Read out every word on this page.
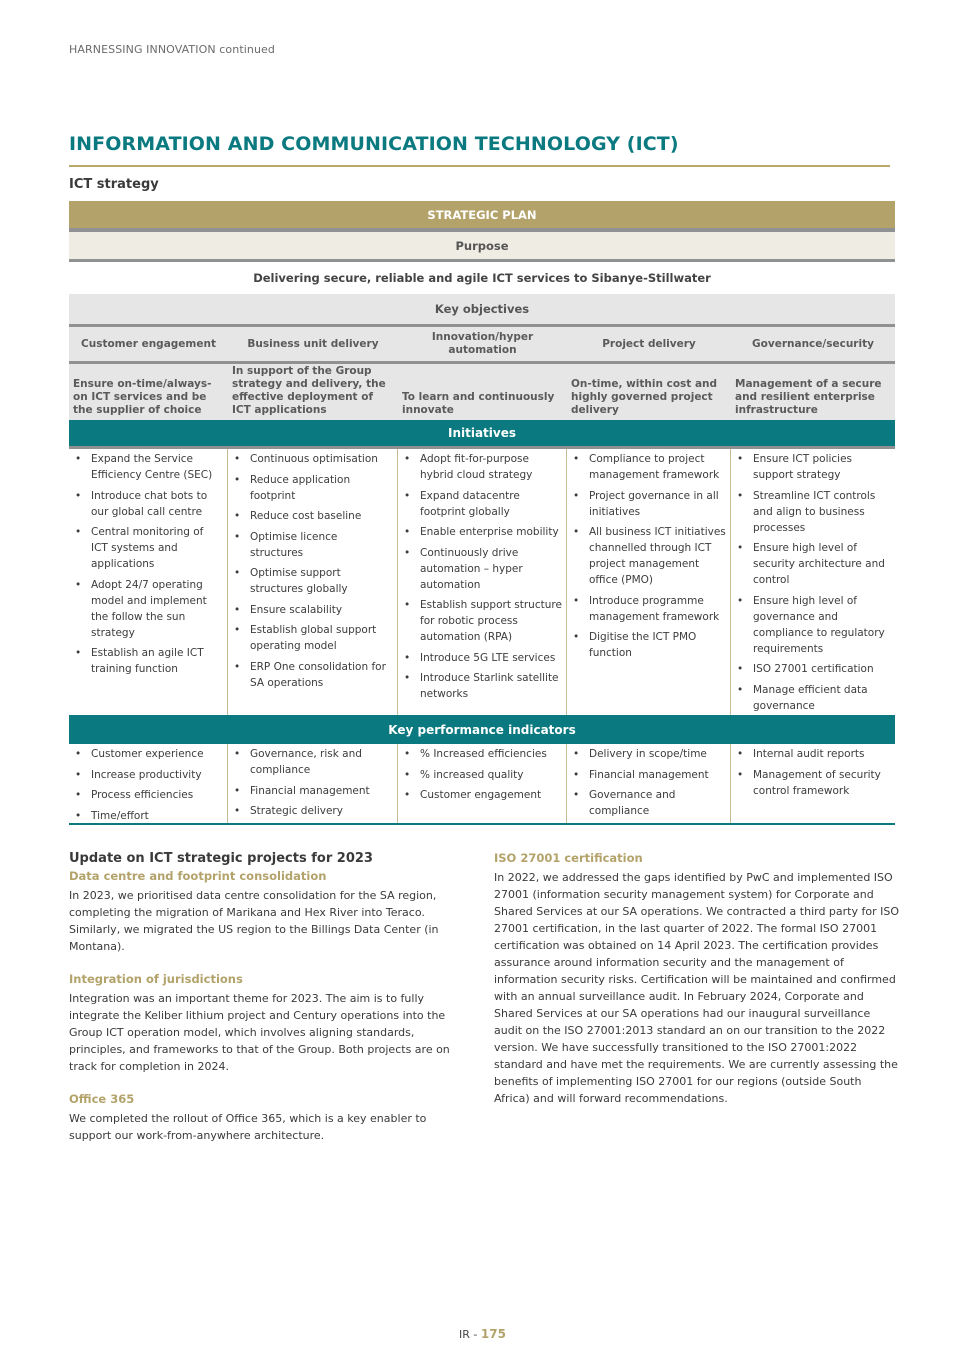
HARNESSING INNOVATION continued
INFORMATION AND COMMUNICATION TECHNOLOGY (ICT)
ICT strategy
STRATEGIC PLAN
Purpose
Delivering secure, reliable and agile ICT services to Sibanye-Stillwater
Key objectives
Customer engagement	Business unit delivery
Innovation/hyper automation
Project delivery	Governance/security
Ensure on-time/always-on ICT services and be the supplier of choice
In support of the Group strategy and delivery, the effective deployment of ICT applications
To learn and continuously innovate
On-time, within cost and highly governed project delivery
Management of a secure and resilient enterprise infrastructure
Initiatives
• Expand the Service Efficiency Centre (SEC)
• Introduce chat bots to our global call centre
• Central monitoring of ICT systems and applications
• Adopt 24/7 operating model and implement the follow the sun strategy
• Establish an agile ICT training function
• Continuous optimisation
• Reduce application footprint
• Reduce cost baseline
• Optimise licence structures
• Optimise support structures globally
• Ensure scalability
• Establish global support operating model
• ERP One consolidation for SA operations
• Adopt fit-for-purpose hybrid cloud strategy
• Expand datacentre footprint globally
• Enable enterprise mobility
• Continuously drive automation – hyper automation
• Establish support structure for robotic process automation (RPA)
• Introduce 5G LTE services
• Introduce Starlink satellite networks
• Compliance to project management framework
• Project governance in all initiatives
• All business ICT initiatives channelled through ICT project management office (PMO)
• Introduce programme management framework
• Digitise the ICT PMO function
• Ensure ICT policies support strategy
• Streamline ICT controls and align to business processes
• Ensure high level of security architecture and control
• Ensure high level of governance and compliance to regulatory requirements
• ISO 27001 certification
• Manage efficient data governance
Key performance indicators
• Customer experience
• Increase productivity
• Process efficiencies
• Time/effort
• Governance, risk and compliance
• Financial management
• Strategic delivery
• % Increased efficiencies
• % increased quality
• Customer engagement
• Delivery in scope/time
• Financial management
• Governance and compliance
• Internal audit reports
• Management of security control framework
Update on ICT strategic projects for 2023
Data centre and footprint consolidation

In 2023, we prioritised data centre consolidation for the SA region, completing the migration of Marikana and Hex River into Teraco. Similarly, we migrated the US region to the Billings Data Center (in Montana).

Integration of jurisdictions

Integration was an important theme for 2023. The aim is to fully integrate the Keliber lithium project and Century operations into the Group ICT operation model, which involves aligning standards, principles, and frameworks to that of the Group. Both projects are on track for completion in 2024.

Office 365

We completed the rollout of Office 365, which is a key enabler to support our work-from-anywhere architecture.

ISO 27001 certification

In 2022, we addressed the gaps identified by PwC and implemented ISO 27001 (information security management system) for Corporate and Shared Services at our SA operations. We contracted a third party for ISO 27001 certification, in the last quarter of 2022. The formal ISO 27001 certification was obtained on 14 April 2023. The certification provides assurance around information security and the management of information security risks. Certification will be maintained and confirmed with an annual surveillance audit. In February 2024, Corporate and Shared Services at our SA operations had our inaugural surveillance audit on the ISO 27001:2013 standard an on our transition to the 2022 version. We have successfully transitioned to the ISO 27001:2022 standard and have met the requirements. We are currently assessing the benefits of implementing ISO 27001 for our regions (outside South Africa) and will forward recommendations.

IR - 175
